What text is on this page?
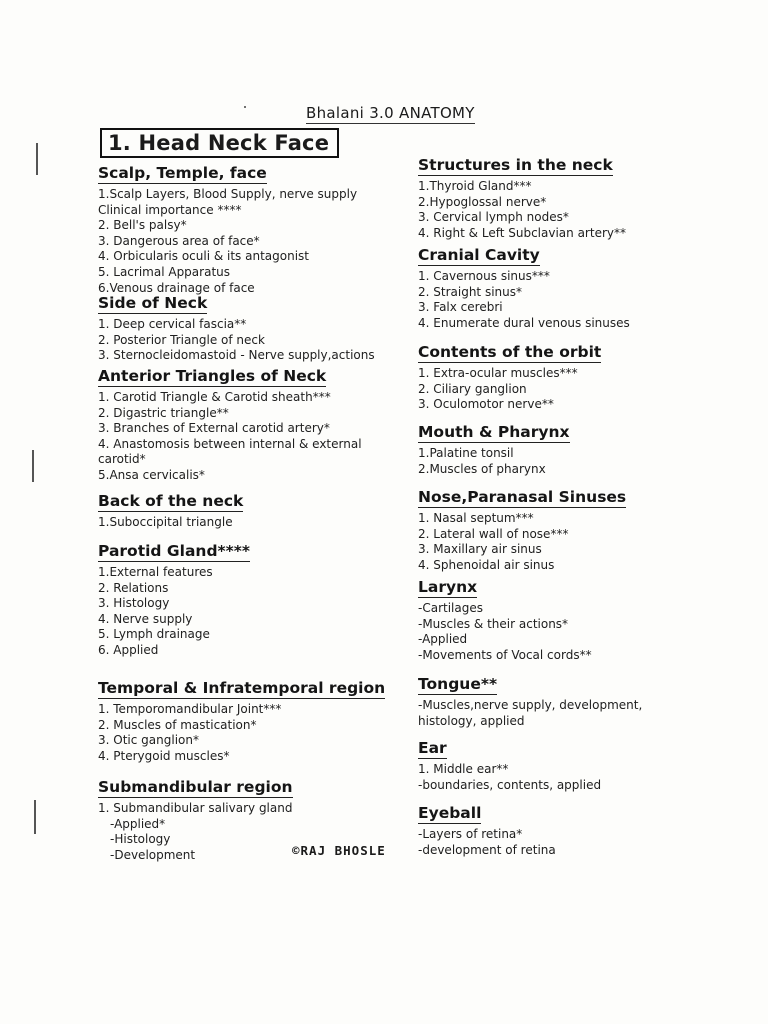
Bhalani 3.0 ANATOMY
1. Head Neck Face
Scalp, Temple, face
1.Scalp Layers, Blood Supply, nerve supply
Clinical importance ****
2. Bell's palsy*
3. Dangerous area of face*
4. Orbicularis oculi & its antagonist
5. Lacrimal Apparatus
6.Venous drainage of face
Side of Neck
1. Deep cervical fascia**
2. Posterior Triangle of neck
3. Sternocleidomastoid - Nerve supply,actions
Anterior Triangles of Neck
1. Carotid Triangle & Carotid sheath***
2. Digastric triangle**
3. Branches of External carotid artery*
4. Anastomosis between internal & external carotid*
5.Ansa cervicalis*
Back of the neck
1.Suboccipital triangle
Parotid Gland****
1.External features
2. Relations
3. Histology
4. Nerve supply
5. Lymph drainage
6. Applied
Temporal & Infratemporal region
1. Temporomandibular Joint***
2. Muscles of mastication*
3. Otic ganglion*
4. Pterygoid muscles*
Submandibular region
1. Submandibular salivary gland
-Applied*
-Histology
-Development
Structures in the neck
1.Thyroid Gland***
2.Hypoglossal nerve*
3. Cervical lymph nodes*
4. Right & Left Subclavian artery**
Cranial Cavity
1. Cavernous sinus***
2. Straight sinus*
3. Falx cerebri
4. Enumerate dural venous sinuses
Contents of the orbit
1. Extra-ocular muscles***
2. Ciliary ganglion
3. Oculomotor nerve**
Mouth & Pharynx
1.Palatine tonsil
2.Muscles of pharynx
Nose,Paranasal Sinuses
1. Nasal septum***
2. Lateral wall of nose***
3. Maxillary air sinus
4. Sphenoidal air sinus
Larynx
-Cartilages
-Muscles & their actions*
-Applied
-Movements of Vocal cords**
Tongue**
-Muscles,nerve supply, development,
histology, applied
Ear
1. Middle ear**
-boundaries, contents, applied
Eyeball
-Layers of retina*
-development of retina
©RAJ BHOSLE
